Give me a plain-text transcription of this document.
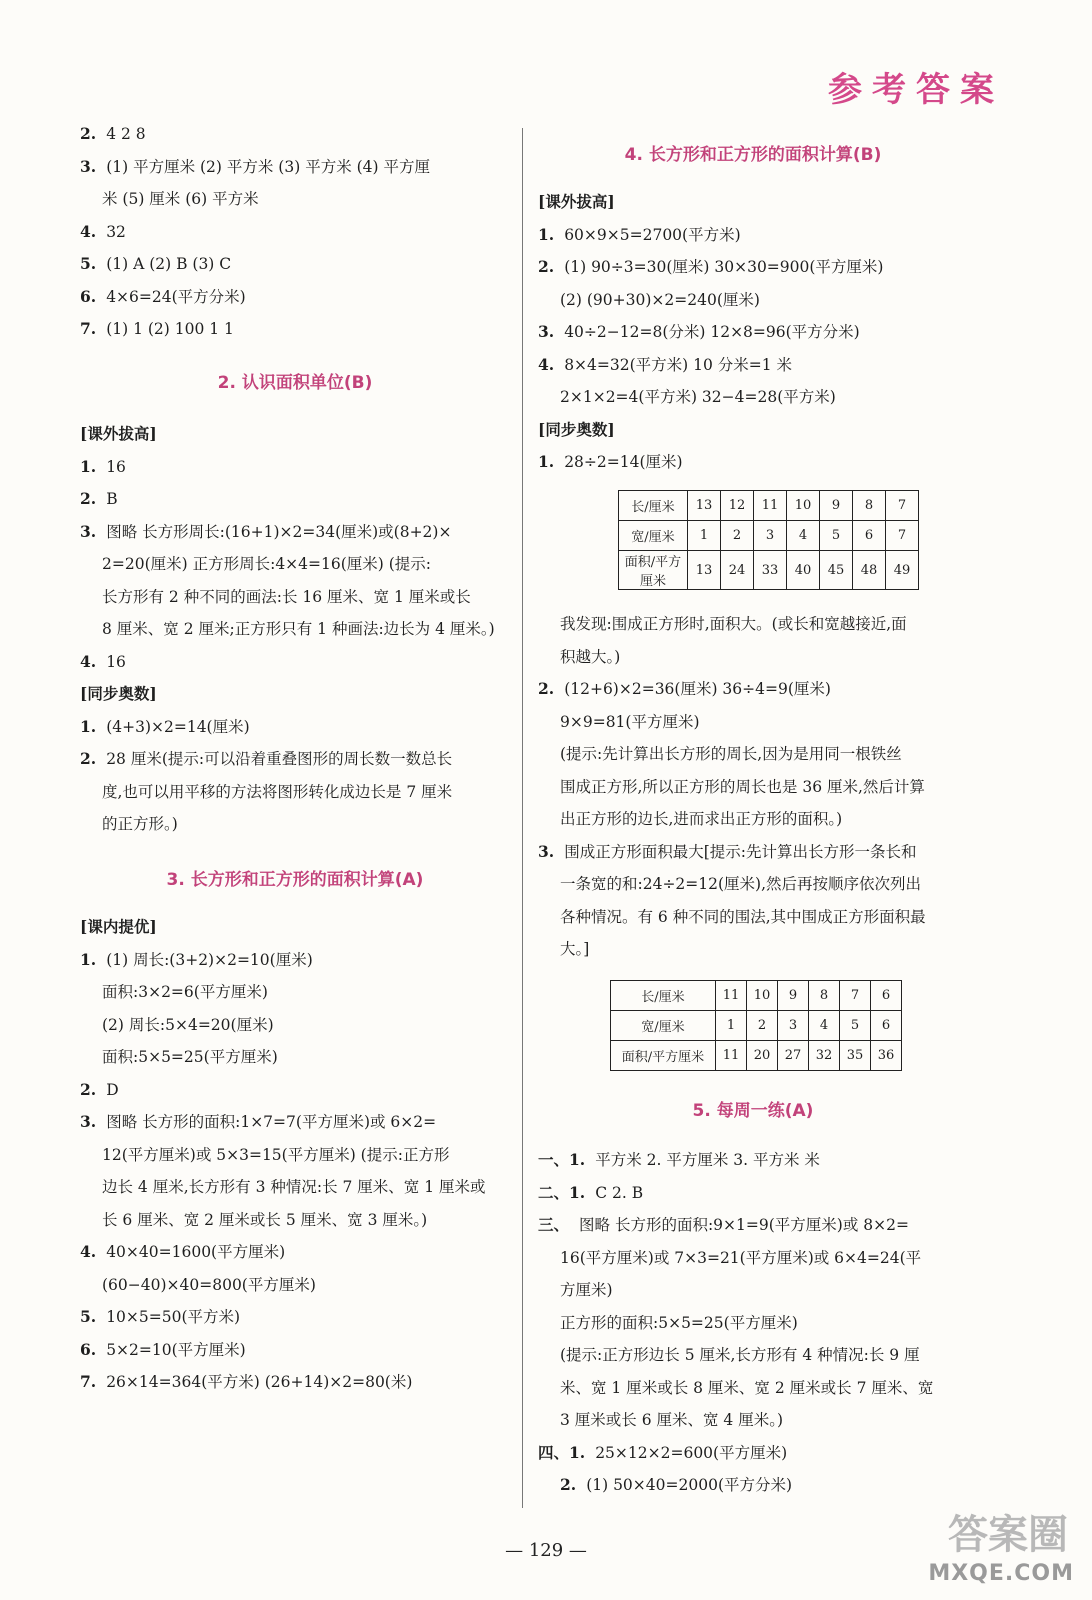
参考答案
2. 4 2 8
3. (1) 平方厘米 (2) 平方米 (3) 平方米 (4) 平方厘
米 (5) 厘米 (6) 平方米
4. 32
5. (1) A (2) B (3) C
6. 4×6=24(平方分米)
7. (1) 1 (2) 100 1 1
2. 认识面积单位(B)
[课外拔高]
1. 16
2. B
3. 图略 长方形周长:(16+1)×2=34(厘米)或(8+2)×
2=20(厘米) 正方形周长:4×4=16(厘米) (提示:
长方形有 2 种不同的画法:长 16 厘米、宽 1 厘米或长
8 厘米、宽 2 厘米;正方形只有 1 种画法:边长为 4 厘米。)
4. 16
[同步奥数]
1. (4+3)×2=14(厘米)
2. 28 厘米(提示:可以沿着重叠图形的周长数一数总长
度,也可以用平移的方法将图形转化成边长是 7 厘米
的正方形。)
3. 长方形和正方形的面积计算(A)
[课内提优]
1. (1) 周长:(3+2)×2=10(厘米)
面积:3×2=6(平方厘米)
(2) 周长:5×4=20(厘米)
面积:5×5=25(平方厘米)
2. D
3. 图略 长方形的面积:1×7=7(平方厘米)或 6×2=
12(平方厘米)或 5×3=15(平方厘米) (提示:正方形
边长 4 厘米,长方形有 3 种情况:长 7 厘米、宽 1 厘米或
长 6 厘米、宽 2 厘米或长 5 厘米、宽 3 厘米。)
4. 40×40=1600(平方厘米)
(60−40)×40=800(平方厘米)
5. 10×5=50(平方米)
6. 5×2=10(平方厘米)
7. 26×14=364(平方米) (26+14)×2=80(米)
4. 长方形和正方形的面积计算(B)
[课外拔高]
1. 60×9×5=2700(平方米)
2. (1) 90÷3=30(厘米) 30×30=900(平方厘米)
(2) (90+30)×2=240(厘米)
3. 40÷2−12=8(分米) 12×8=96(平方分米)
4. 8×4=32(平方米) 10 分米=1 米
2×1×2=4(平方米) 32−4=28(平方米)
[同步奥数]
1. 28÷2=14(厘米)
长/厘米	13	12	11	10	9	8	7
宽/厘米	1	2	3	4	5	6	7
面积/平方厘米	13	24	33	40	45	48	49
我发现:围成正方形时,面积大。(或长和宽越接近,面
积越大。)
2. (12+6)×2=36(厘米) 36÷4=9(厘米)
9×9=81(平方厘米)
(提示:先计算出长方形的周长,因为是用同一根铁丝
围成正方形,所以正方形的周长也是 36 厘米,然后计算
出正方形的边长,进而求出正方形的面积。)
3. 围成正方形面积最大[提示:先计算出长方形一条长和
一条宽的和:24÷2=12(厘米),然后再按顺序依次列出
各种情况。有 6 种不同的围法,其中围成正方形面积最
大。]
长/厘米	11	10	9	8	7	6
宽/厘米	1	2	3	4	5	6
面积/平方厘米	11	20	27	32	35	36
5. 每周一练(A)
一、1. 平方米 2. 平方厘米 3. 平方米 米
二、1. C 2. B
三、 图略 长方形的面积:9×1=9(平方厘米)或 8×2=
16(平方厘米)或 7×3=21(平方厘米)或 6×4=24(平
方厘米)
正方形的面积:5×5=25(平方厘米)
(提示:正方形边长 5 厘米,长方形有 4 种情况:长 9 厘
米、宽 1 厘米或长 8 厘米、宽 2 厘米或长 7 厘米、宽
3 厘米或长 6 厘米、宽 4 厘米。)
四、1. 25×12×2=600(平方厘米)
2. (1) 50×40=2000(平方分米)
— 129 —	答案圈
MXQE.COM
